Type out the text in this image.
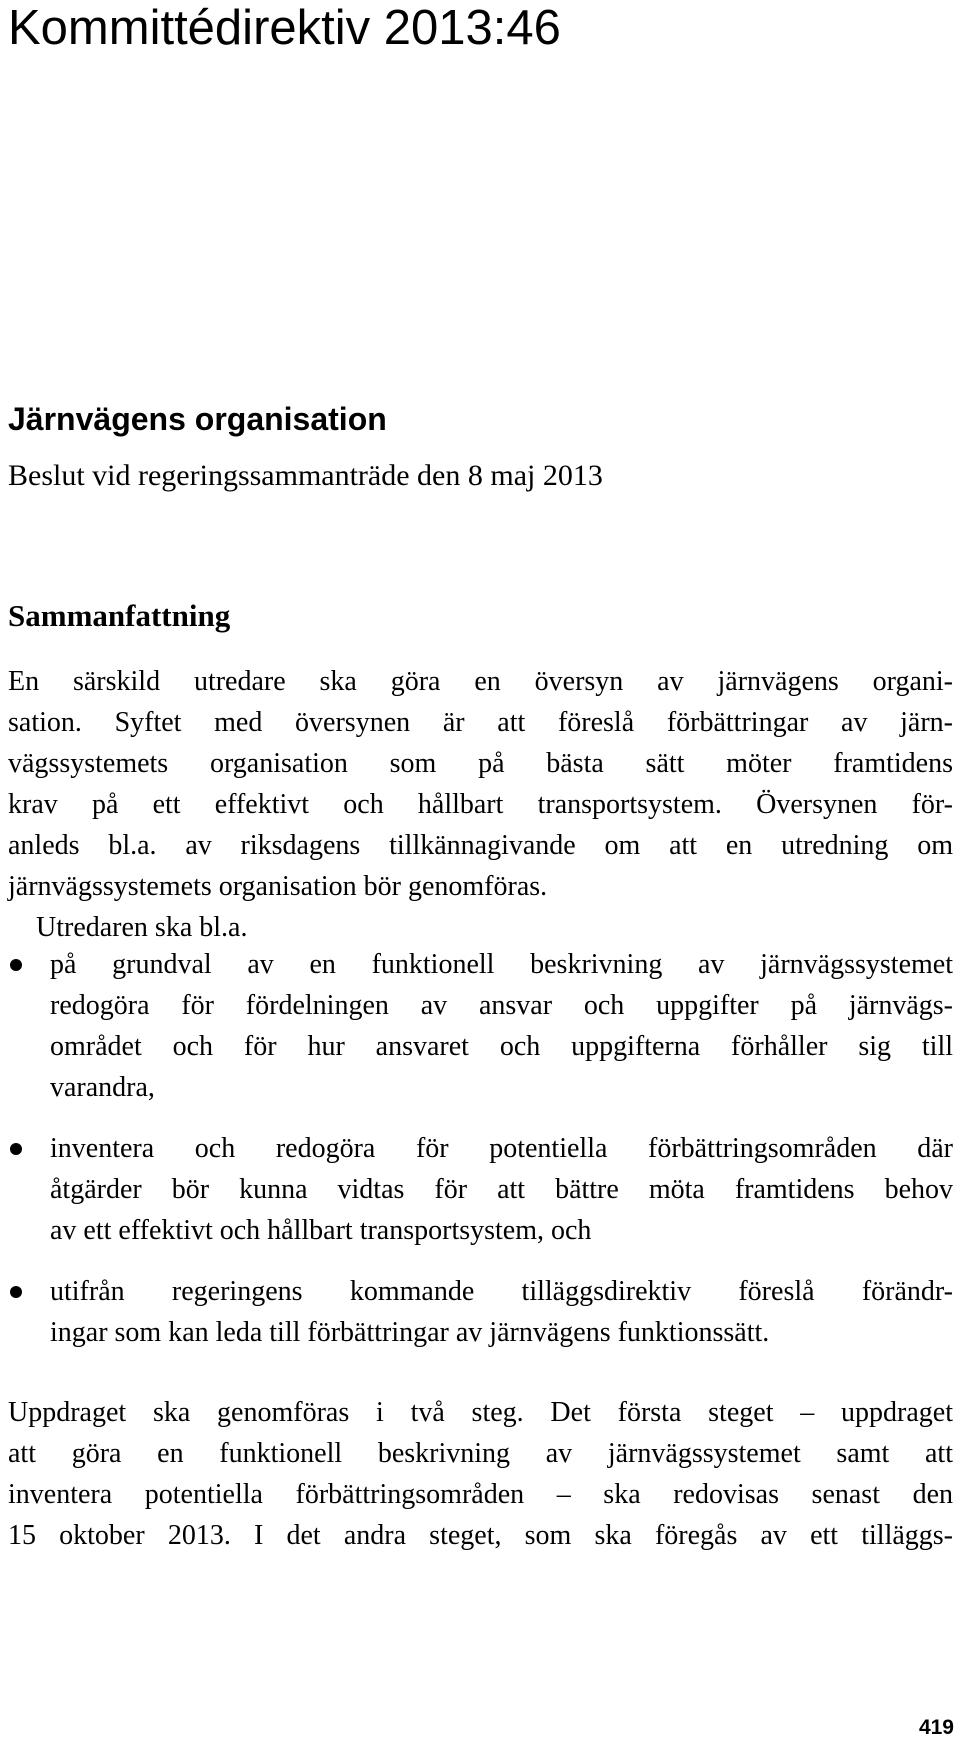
Kommittédirektiv 2013:46
Järnvägens organisation
Beslut vid regeringssammanträde den 8 maj 2013
Sammanfattning
En särskild utredare ska göra en översyn av järnvägens organi-
sation. Syftet med översynen är att föreslå förbättringar av järn-
vägssystemets organisation som på bästa sätt möter framtidens
krav på ett effektivt och hållbart transportsystem. Översynen för-
anleds bl.a. av riksdagens tillkännagivande om att en utredning om
järnvägssystemets organisation bör genomföras.
Utredaren ska bl.a.
på grundval av en funktionell beskrivning av järnvägssystemet
redogöra för fördelningen av ansvar och uppgifter på järnvägs-
området och för hur ansvaret och uppgifterna förhåller sig till
varandra,
inventera och redogöra för potentiella förbättringsområden där
åtgärder bör kunna vidtas för att bättre möta framtidens behov
av ett effektivt och hållbart transportsystem, och
utifrån regeringens kommande tilläggsdirektiv föreslå förändr-
ingar som kan leda till förbättringar av järnvägens funktionssätt.
Uppdraget ska genomföras i två steg. Det första steget – uppdraget
att göra en funktionell beskrivning av järnvägssystemet samt att
inventera potentiella förbättringsområden – ska redovisas senast den
15 oktober 2013. I det andra steget, som ska föregås av ett tilläggs-
419
